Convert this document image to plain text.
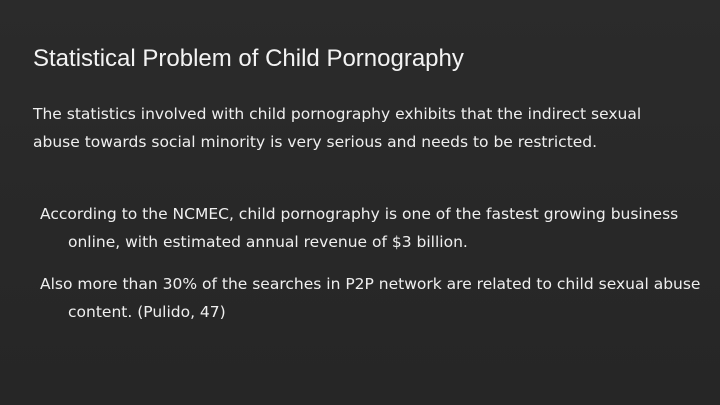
Statistical Problem of Child Pornography

The statistics involved with child pornography exhibits that the indirect sexual abuse towards social minority is very serious and needs to be restricted.

According to the NCMEC, child pornography is one of the fastest growing business online, with estimated annual revenue of $3 billion.

Also more than 30% of the searches in P2P network are related to child sexual abuse content. (Pulido, 47)
